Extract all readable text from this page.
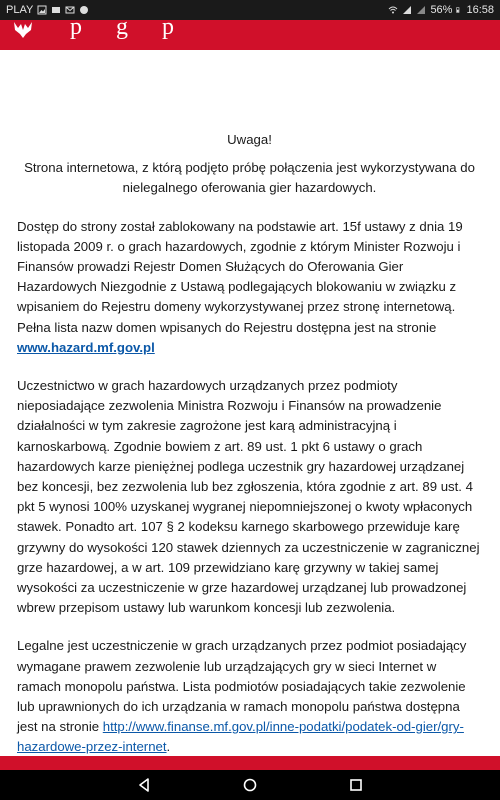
PLAY	56% 16:58
p g p
Uwaga!
Strona internetowa, z którą podjęto próbę połączenia jest wykorzystywana do nielegalnego oferowania gier hazardowych.
Dostęp do strony został zablokowany na podstawie art. 15f ustawy z dnia 19 listopada 2009 r. o grach hazardowych, zgodnie z którym Minister Rozwoju i Finansów prowadzi Rejestr Domen Służących do Oferowania Gier Hazardowych Niezgodnie z Ustawą podlegających blokowaniu w związku z wpisaniem do Rejestru domeny wykorzystywanej przez stronę internetową. Pełna lista nazw domen wpisanych do Rejestru dostępna jest na stronie www.hazard.mf.gov.pl
Uczestnictwo w grach hazardowych urządzanych przez podmioty nieposiadające zezwolenia Ministra Rozwoju i Finansów na prowadzenie działalności w tym zakresie zagrożone jest karą administracyjną i karnoskarbową. Zgodnie bowiem z art. 89 ust. 1 pkt 6 ustawy o grach hazardowych karze pieniężnej podlega uczestnik gry hazardowej urządzanej bez koncesji, bez zezwolenia lub bez zgłoszenia, która zgodnie z art. 89 ust. 4 pkt 5 wynosi 100% uzyskanej wygranej niepomniejszonej o kwoty wpłaconych stawek. Ponadto art. 107 § 2 kodeksu karnego skarbowego przewiduje karę grzywny do wysokości 120 stawek dziennych za uczestniczenie w zagranicznej grze hazardowej, a w art. 109 przewidziano karę grzywny w takiej samej wysokości za uczestniczenie w grze hazardowej urządzanej lub prowadzonej wbrew przepisom ustawy lub warunkom koncesji lub zezwolenia.
Legalne jest uczestniczenie w grach urządzanych przez podmiot posiadający wymagane prawem zezwolenie lub urządzających gry w sieci Internet w ramach monopolu państwa. Lista podmiotów posiadających takie zezwolenie lub uprawnionych do ich urządzania w ramach monopolu państwa dostępna jest na stronie http://www.finanse.mf.gov.pl/inne-podatki/podatek-od-gier/gry-hazardowe-przez-internet.
